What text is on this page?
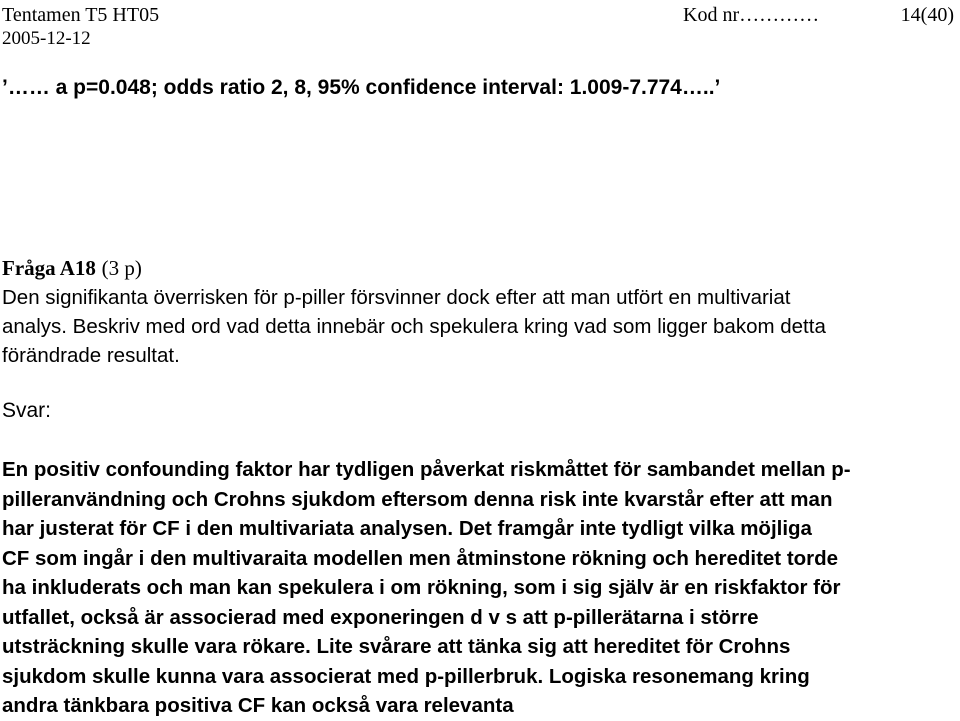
Tentamen T5 HT05
2005-12-12
Kod nr…………	14(40)
’…… a p=0.048; odds ratio 2, 8, 95% confidence interval: 1.009-7.774…..’

Fråga A18 (3 p)

Den signifikanta överrisken för p-piller försvinner dock efter att man utfört en multivariat

analys. Beskriv med ord vad detta innebär och spekulera kring vad som ligger bakom detta

förändrade resultat.

Svar:
En positiv confounding faktor har tydligen påverkat riskmåttet för sambandet mellan p-
pilleranvändning och Crohns sjukdom eftersom denna risk inte kvarstår efter att man
har justerat för CF i den multivariata analysen. Det framgår inte tydligt vilka möjliga
CF som ingår i den multivaraita modellen men åtminstone rökning och hereditet torde
ha inkluderats och man kan spekulera i om rökning, som i sig själv är en riskfaktor för
utfallet, också är associerad med exponeringen d v s att p-pillerätarna i större
utsträckning skulle vara rökare. Lite svårare att tänka sig att hereditet för Crohns
sjukdom skulle kunna vara associerat med p-pillerbruk. Logiska resonemang kring
andra tänkbara positiva CF kan också vara relevanta
